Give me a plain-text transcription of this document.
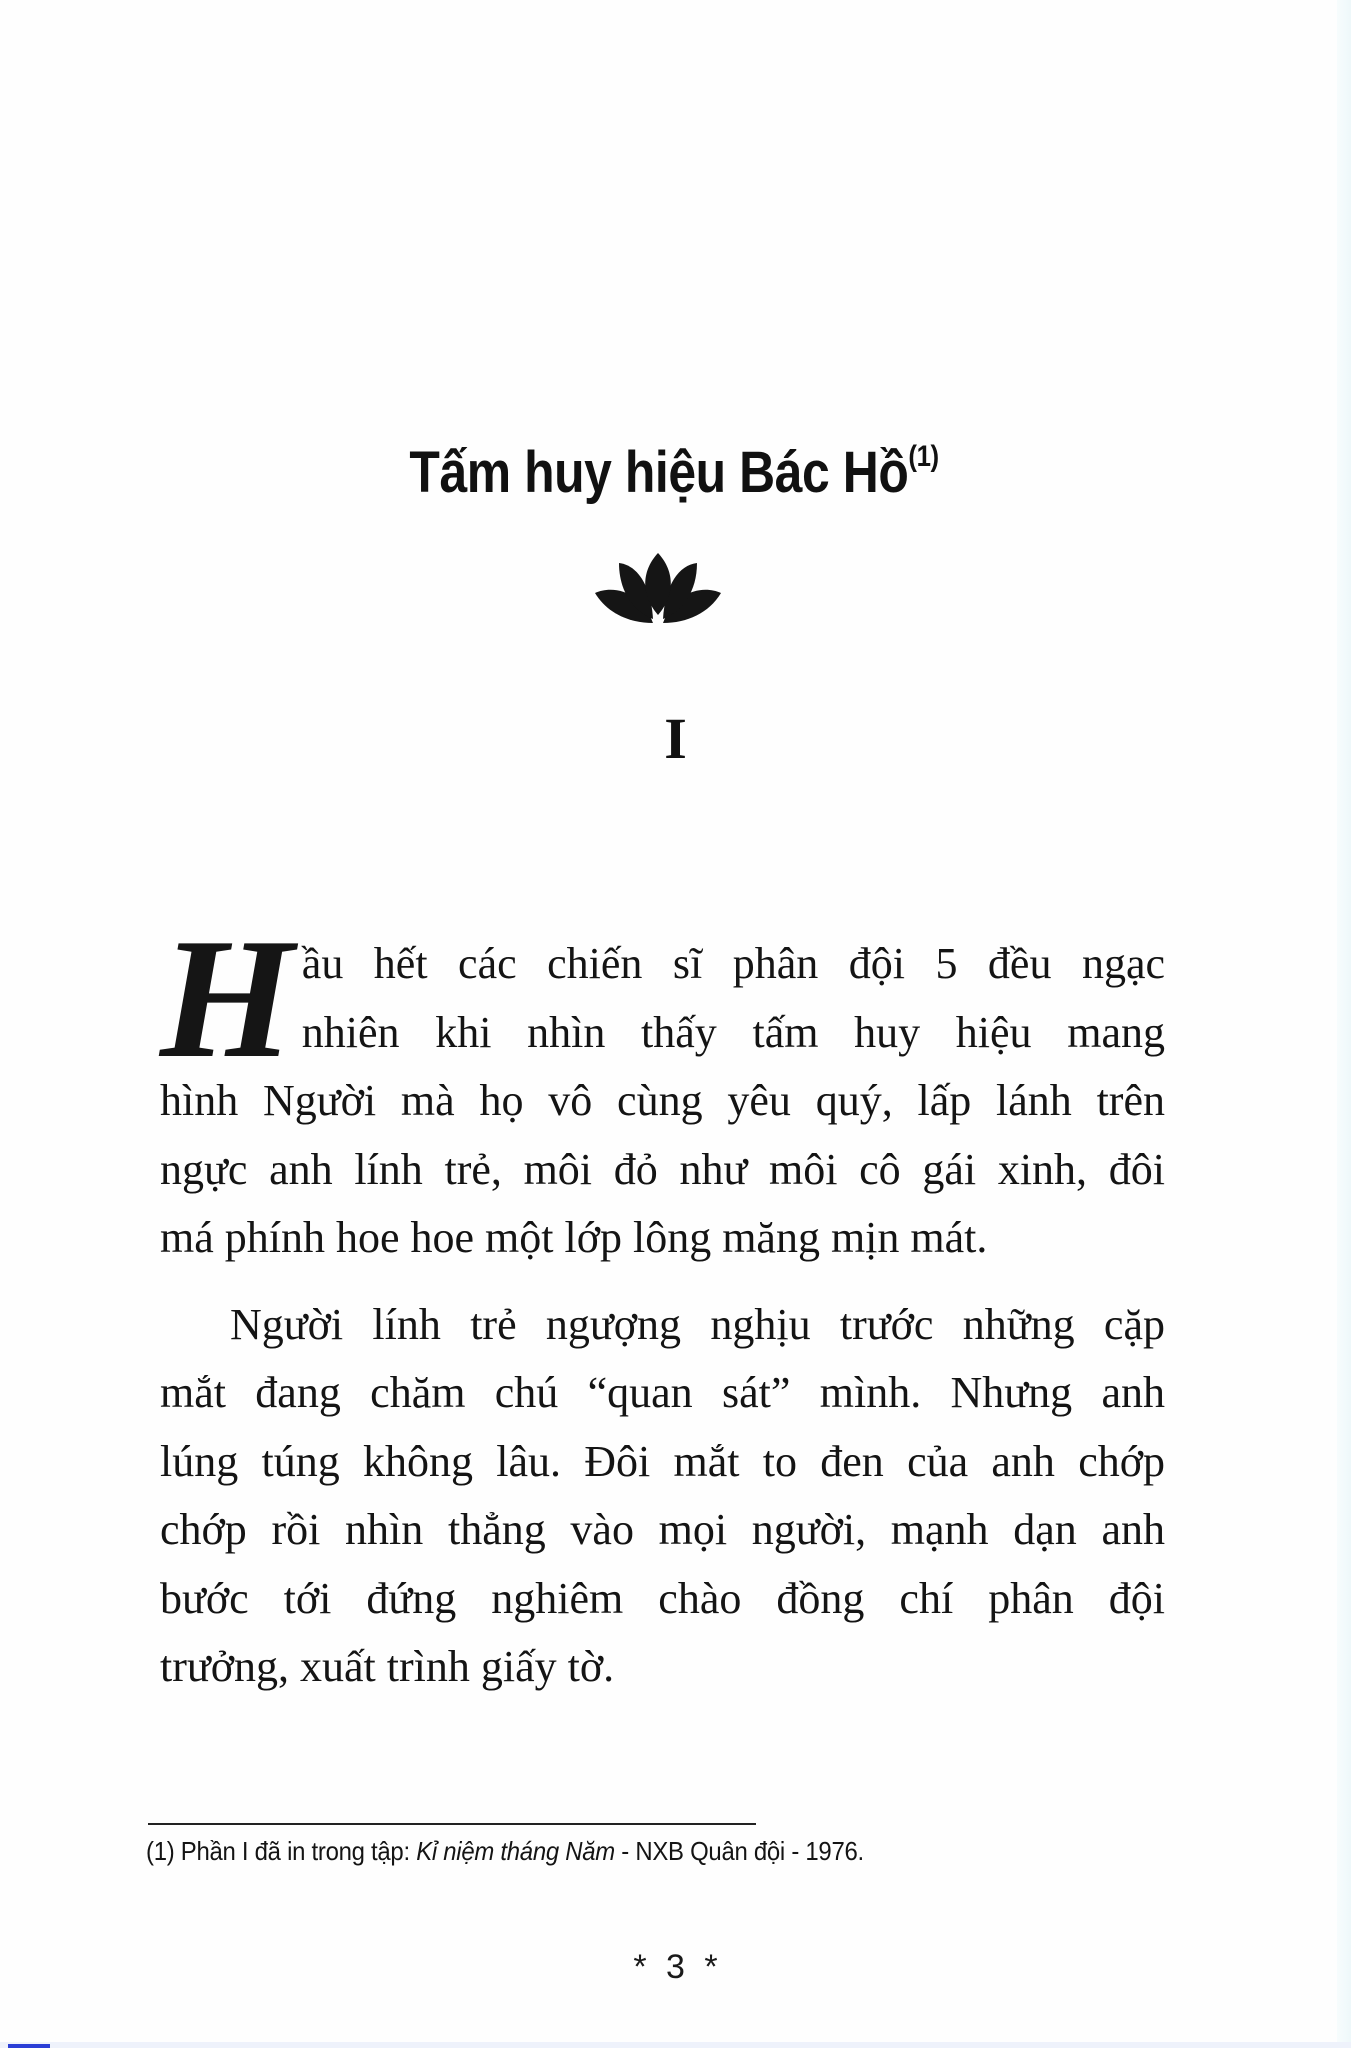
Tấm huy hiệu Bác Hồ$^{(1)}$
I

H ầu hết các chiến sĩ phân đội 5 đều ngạc
nhiên khi nhìn thấy tấm huy hiệu mang
hình Người mà họ vô cùng yêu quý, lấp lánh trên
ngực anh lính trẻ, môi đỏ như môi cô gái xinh, đôi
má phính hoe hoe một lớp lông măng mịn mát.

Người lính trẻ ngượng nghịu trước những cặp
mắt đang chăm chú “quan sát” mình. Nhưng anh
lúng túng không lâu. Đôi mắt to đen của anh chớp
chớp rồi nhìn thẳng vào mọi người, mạnh dạn anh
bước tới đứng nghiêm chào đồng chí phân đội
trưởng, xuất trình giấy tờ.

(1) Phần I đã in trong tập: Kỉ niệm tháng Năm - NXB Quân đội - 1976.
* 3 *
